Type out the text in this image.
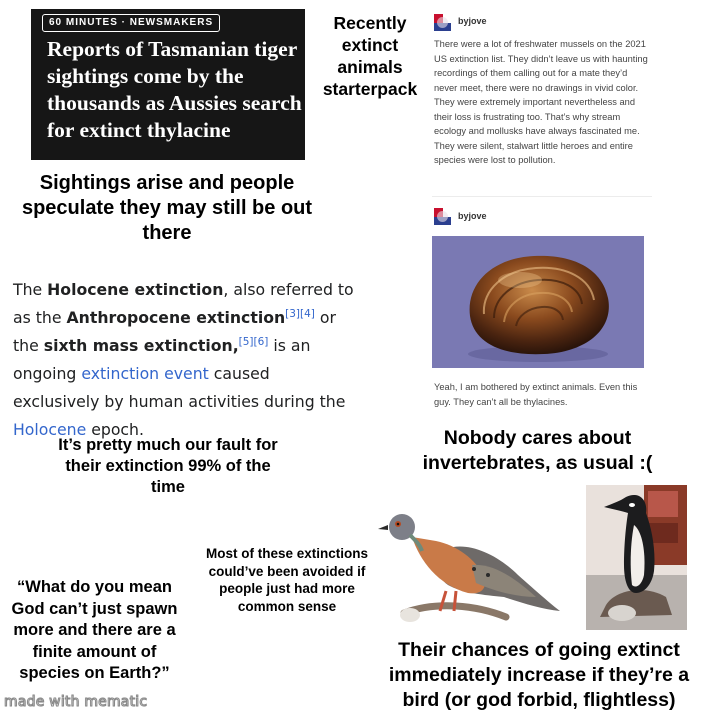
60 MINUTES · NEWSMAKERS
Reports of Tasmanian tiger sightings come by the thousands as Aussies search for extinct thylacine
Recently extinct animals starterpack
Sightings arise and people speculate they may still be out there
byjove
There were a lot of freshwater mussels on the 2021 US extinction list. They didn’t leave us with haunting recordings of them calling out for a mate they’d never meet, there were no drawings in vivid color. They were extremely important nevertheless and their loss is frustrating too. That’s why stream ecology and mollusks have always fascinated me. They were silent, stalwart little heroes and entire species were lost to pollution.
byjove
Yeah, I am bothered by extinct animals. Even this guy. They can’t all be thylacines.
The Holocene extinction, also referred to as the Anthropocene extinction[3][4] or the sixth mass extinction,[5][6] is an ongoing extinction event caused exclusively by human activities during the Holocene epoch.
It’s pretty much our fault for their extinction 99% of the time
Nobody cares about invertebrates, as usual :(
Most of these extinctions could’ve been avoided if people just had more common sense
“What do you mean God can’t just spawn more and there are a finite amount of species on Earth?”
Their chances of going extinct immediately increase if they’re a bird (or god forbid, flightless)
made with mematic
